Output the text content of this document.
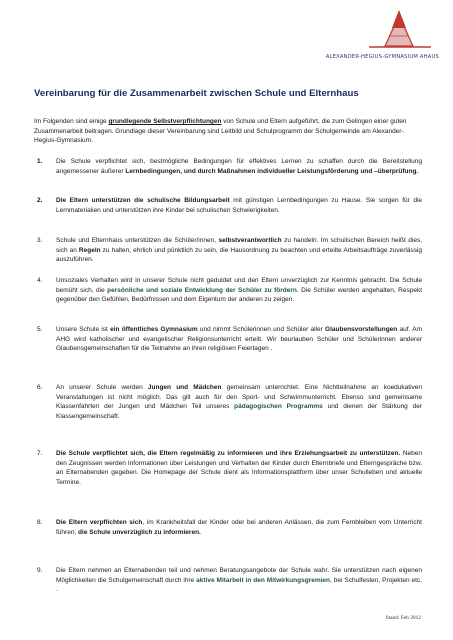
ALEXANDER-HEGIUS-GYMNASIUM AHAUS
Vereinbarung für die Zusammenarbeit zwischen Schule und Elternhaus

Im Folgenden sind einige grundlegende Selbstverpflichtungen von Schule und Eltern aufgeführt, die zum Gelingen einer guten Zusammenarbeit beitragen. Grundlage dieser Vereinbarung sind Leitbild und Schulprogramm der Schulgemeinde am Alexander-Hegius-Gymnasium.

1. Die Schule verpflichtet sich, bestmögliche Bedingungen für effektives Lernen zu schaffen durch die Bereitstellung angemessener äußerer Lernbedingungen, und durch Maßnahmen individueller Leistungsförderung und –überprüfung.

2. Die Eltern unterstützen die schulische Bildungsarbeit mit günstigen Lernbedingungen zu Hause. Sie sorgen für die Lernmaterialien und unterstützen ihre Kinder bei schulischen Schwierigkeiten.

3. Schule und Elternhaus unterstützen die Schüler/innen, selbstverantwortlich zu handeln. Im schulischen Bereich heißt dies, sich an Regeln zu halten, ehrlich und pünktlich zu sein, die Hausordnung zu beachten und erteilte Arbeitsaufträge zuverlässig auszuführen.

4. Unsoziales Verhalten wird in unserer Schule nicht geduldet und den Eltern unverzüglich zur Kenntnis gebracht. Die Schule bemüht sich, die persönliche und soziale Entwicklung der Schüler zu fördern. Die Schüler werden angehalten, Respekt gegenüber den Gefühlen, Bedürfnissen und dem Eigentum der anderen zu zeigen.

5. Unsere Schule ist ein öffentliches Gymnasium und nimmt Schülerinnen und Schüler aller Glaubensvorstellungen auf. Am AHG wird katholischer und evangelischer Religionsunterricht erteilt. Wir beurlauben Schüler und Schülerinnen anderer Glaubensgemeinschaften für die Teilnahme an ihren religiösen Feiertagen .

6. An unserer Schule werden Jungen und Mädchen gemeinsam unterrichtet. Eine Nichtteilnahme an koedukativen Veranstaltungen ist nicht möglich. Das gilt auch für den Sport- und Schwimmunterricht. Ebenso sind gemeinsame Klassenfahrten der Jungen und Mädchen Teil unseres pädagogischen Programms und dienen der Stärkung der Klassengemeinschaft.

7. Die Schule verpflichtet sich, die Eltern regelmäßig zu informieren und ihre Erziehungsarbeit zu unterstützen. Neben den Zeugnissen werden Informationen über Leistungen und Verhalten der Kinder durch Elternbriefe und Elterngespräche bzw. an Elternabenden gegeben. Die Homepage der Schule dient als Informationsplattform über unser Schulleben und aktuelle Termine.

8. Die Eltern verpflichten sich, im Krankheitsfall der Kinder oder bei anderen Anlässen, die zum Fernbleiben vom Unterricht führen, die Schule unverzüglich zu informieren.

9. Die Eltern nehmen an Elternabenden teil und nehmen Beratungsangebote der Schule wahr. Sie unterstützen nach eigenen Möglichkeiten die Schulgemeinschaft durch ihre aktive Mitarbeit in den Mitwirkungsgremien, bei Schulfesten, Projekten etc. .

Stand: Feb 2012
